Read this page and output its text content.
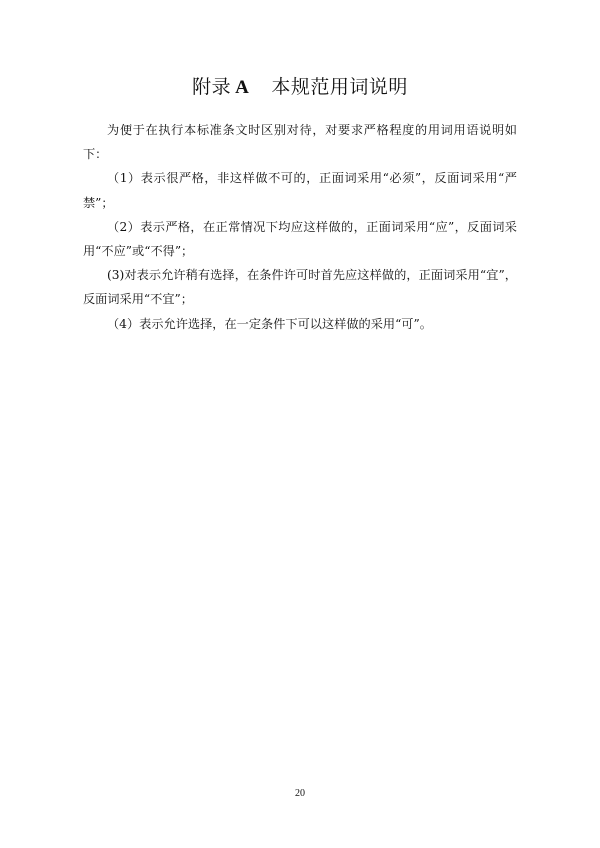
附录 A 本规范用词说明

为便于在执行本标准条文时区别对待，对要求严格程度的用词用语说明如下：

（1）表示很严格，非这样做不可的，正面词采用“必须”，反面词采用“严禁”；

（2）表示严格，在正常情况下均应这样做的，正面词采用“应”，反面词采用“不应”或“不得”；

(3)对表示允许稍有选择，在条件许可时首先应这样做的，正面词采用“宜”，反面词采用“不宜”；

（4）表示允许选择，在一定条件下可以这样做的采用“可”。

20
